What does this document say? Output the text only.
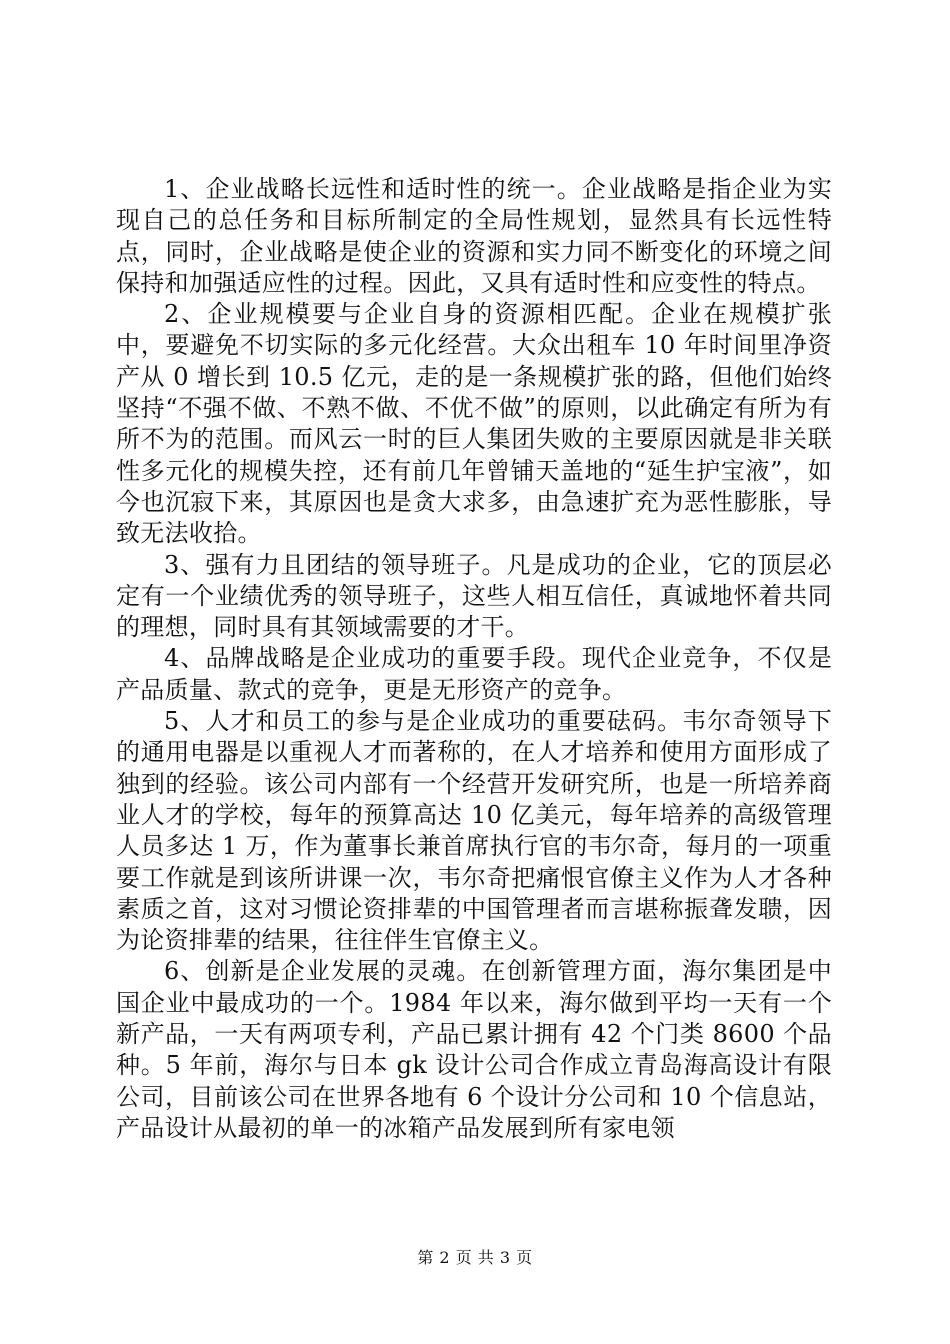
1、企业战略长远性和适时性的统一。企业战略是指企业为实现自己的总任务和目标所制定的全局性规划，显然具有长远性特点，同时，企业战略是使企业的资源和实力同不断变化的环境之间保持和加强适应性的过程。因此，又具有适时性和应变性的特点。

2、企业规模要与企业自身的资源相匹配。企业在规模扩张中，要避免不切实际的多元化经营。大众出租车 10 年时间里净资产从 0 增长到 10.5 亿元，走的是一条规模扩张的路，但他们始终坚持“不强不做、不熟不做、不优不做”的原则，以此确定有所为有所不为的范围。而风云一时的巨人集团失败的主要原因就是非关联性多元化的规模失控，还有前几年曾铺天盖地的“延生护宝液”，如今也沉寂下来，其原因也是贪大求多，由急速扩充为恶性膨胀，导致无法收拾。

3、强有力且团结的领导班子。凡是成功的企业，它的顶层必定有一个业绩优秀的领导班子，这些人相互信任，真诚地怀着共同的理想，同时具有其领域需要的才干。

4、品牌战略是企业成功的重要手段。现代企业竞争，不仅是产品质量、款式的竞争，更是无形资产的竞争。

5、人才和员工的参与是企业成功的重要砝码。韦尔奇领导下的通用电器是以重视人才而著称的，在人才培养和使用方面形成了独到的经验。该公司内部有一个经营开发研究所，也是一所培养商业人才的学校，每年的预算高达 10 亿美元，每年培养的高级管理人员多达 1 万，作为董事长兼首席执行官的韦尔奇，每月的一项重要工作就是到该所讲课一次，韦尔奇把痛恨官僚主义作为人才各种素质之首，这对习惯论资排辈的中国管理者而言堪称振聋发聩，因为论资排辈的结果，往往伴生官僚主义。

6、创新是企业发展的灵魂。在创新管理方面，海尔集团是中国企业中最成功的一个。1984 年以来，海尔做到平均一天有一个新产品，一天有两项专利，产品已累计拥有 42 个门类 8600 个品种。5 年前，海尔与日本 gk 设计公司合作成立青岛海高设计有限公司，目前该公司在世界各地有 6 个设计分公司和 10 个信息站，产品设计从最初的单一的冰箱产品发展到所有家电领

第 2 页 共 3 页
